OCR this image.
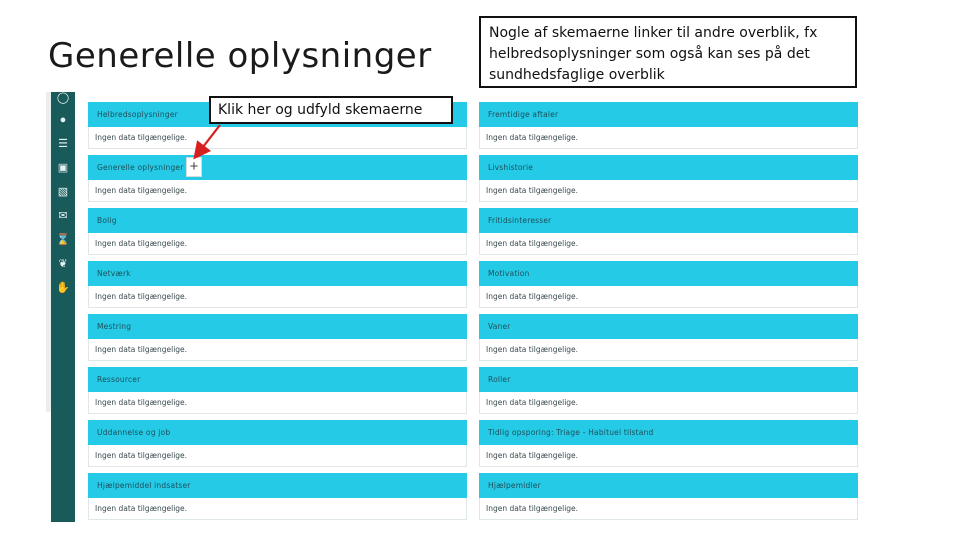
Generelle oplysninger
Nogle af skemaerne linker til andre overblik, fx helbredsoplysninger som også kan ses på det sundhedsfaglige overblik
◯
●
☰
▣
▧
✉
⌛
❦
✋
Helbredsoplysninger
Ingen data tilgængelige.
Generelle oplysninger
Ingen data tilgængelige.
Bolig
Ingen data tilgængelige.
Netværk
Ingen data tilgængelige.
Mestring
Ingen data tilgængelige.
Ressourcer
Ingen data tilgængelige.
Uddannelse og job
Ingen data tilgængelige.
Hjælpemiddel indsatser
Ingen data tilgængelige.
Fremtidige aftaler
Ingen data tilgængelige.
Livshistorie
Ingen data tilgængelige.
Fritidsinteresser
Ingen data tilgængelige.
Motivation
Ingen data tilgængelige.
Vaner
Ingen data tilgængelige.
Roller
Ingen data tilgængelige.
Tidlig opsporing: Triage - Habituel tilstand
Ingen data tilgængelige.
Hjælpemidler
Ingen data tilgængelige.
+
Klik her og udfyld skemaerne
